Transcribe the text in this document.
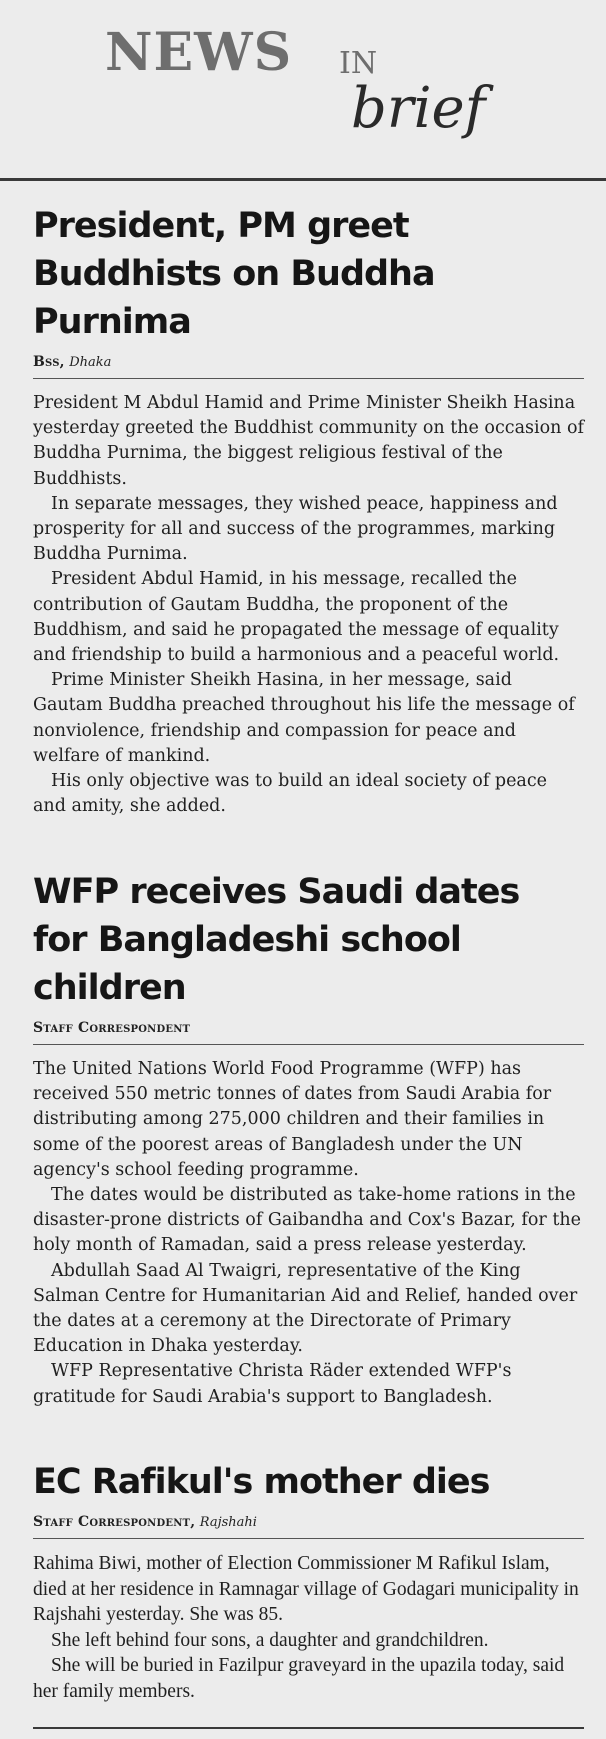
NEWS IN
brief
President, PM greet Buddhists on Buddha Purnima
Bss, Dhaka

President M Abdul Hamid and Prime Minister Sheikh Hasina yesterday greeted the Buddhist community on the occasion of Buddha Purnima, the biggest religious festival of the Buddhists.

In separate messages, they wished peace, happiness and prosperity for all and success of the programmes, marking Buddha Purnima.

President Abdul Hamid, in his message, recalled the contribution of Gautam Buddha, the proponent of the Buddhism, and said he propagated the message of equality and friendship to build a harmonious and a peaceful world.

Prime Minister Sheikh Hasina, in her message, said Gautam Buddha preached throughout his life the message of nonviolence, friendship and compassion for peace and welfare of mankind.

His only objective was to build an ideal society of peace and amity, she added.

WFP receives Saudi dates for Bangladeshi school children
Staff Correspondent

The United Nations World Food Programme (WFP) has received 550 metric tonnes of dates from Saudi Arabia for distributing among 275,000 children and their families in some of the poorest areas of Bangladesh under the UN agency's school feeding programme.

The dates would be distributed as take-home rations in the disaster-prone districts of Gaibandha and Cox's Bazar, for the holy month of Ramadan, said a press release yesterday.

Abdullah Saad Al Twaigri, representative of the King Salman Centre for Humanitarian Aid and Relief, handed over the dates at a ceremony at the Directorate of Primary Education in Dhaka yesterday.

WFP Representative Christa Räder extended WFP's gratitude for Saudi Arabia's support to Bangladesh.

EC Rafikul's mother dies
Staff Correspondent, Rajshahi

Rahima Biwi, mother of Election Commissioner M Rafikul Islam, died at her residence in Ramnagar village of Godagari municipality in Rajshahi yesterday. She was 85.

She left behind four sons, a daughter and grandchildren.

She will be buried in Fazilpur graveyard in the upazila today, said her family members.
